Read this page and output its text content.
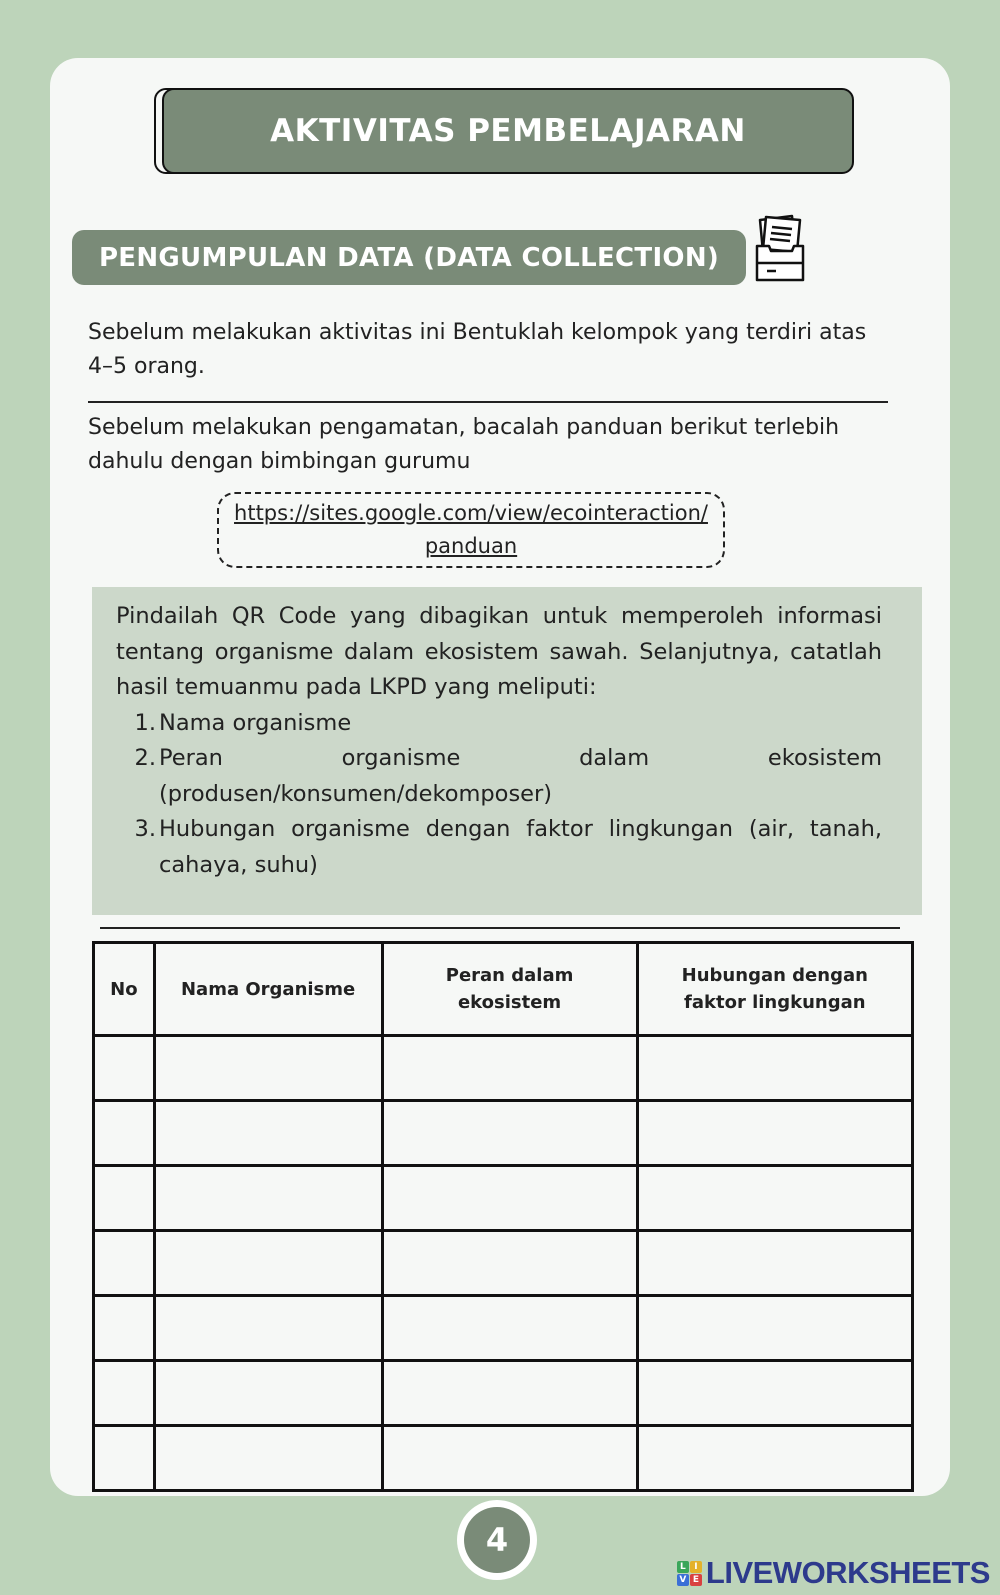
AKTIVITAS PEMBELAJARAN
PENGUMPULAN DATA (DATA COLLECTION)

Sebelum melakukan aktivitas ini Bentuklah kelompok yang terdiri atas 4–5 orang.

Sebelum melakukan pengamatan, bacalah panduan berikut terlebih dahulu dengan bimbingan gurumu

https://sites.google.com/view/ecointeraction/panduan

Pindailah QR Code yang dibagikan untuk memperoleh informasi tentang organisme dalam ekosistem sawah. Selanjutnya, catatlah hasil temuanmu pada LKPD yang meliputi:

1. Nama organisme
2. Peran organisme dalam ekosistem
(produsen/konsumen/dekomposer)
3. Hubungan organisme dengan faktor lingkungan (air, tanah, cahaya, suhu)
No	Nama Organisme	Peran dalam ekosistem	Hubungan dengan faktor lingkungan

4
L I
V E LIVEWORKSHEETS
